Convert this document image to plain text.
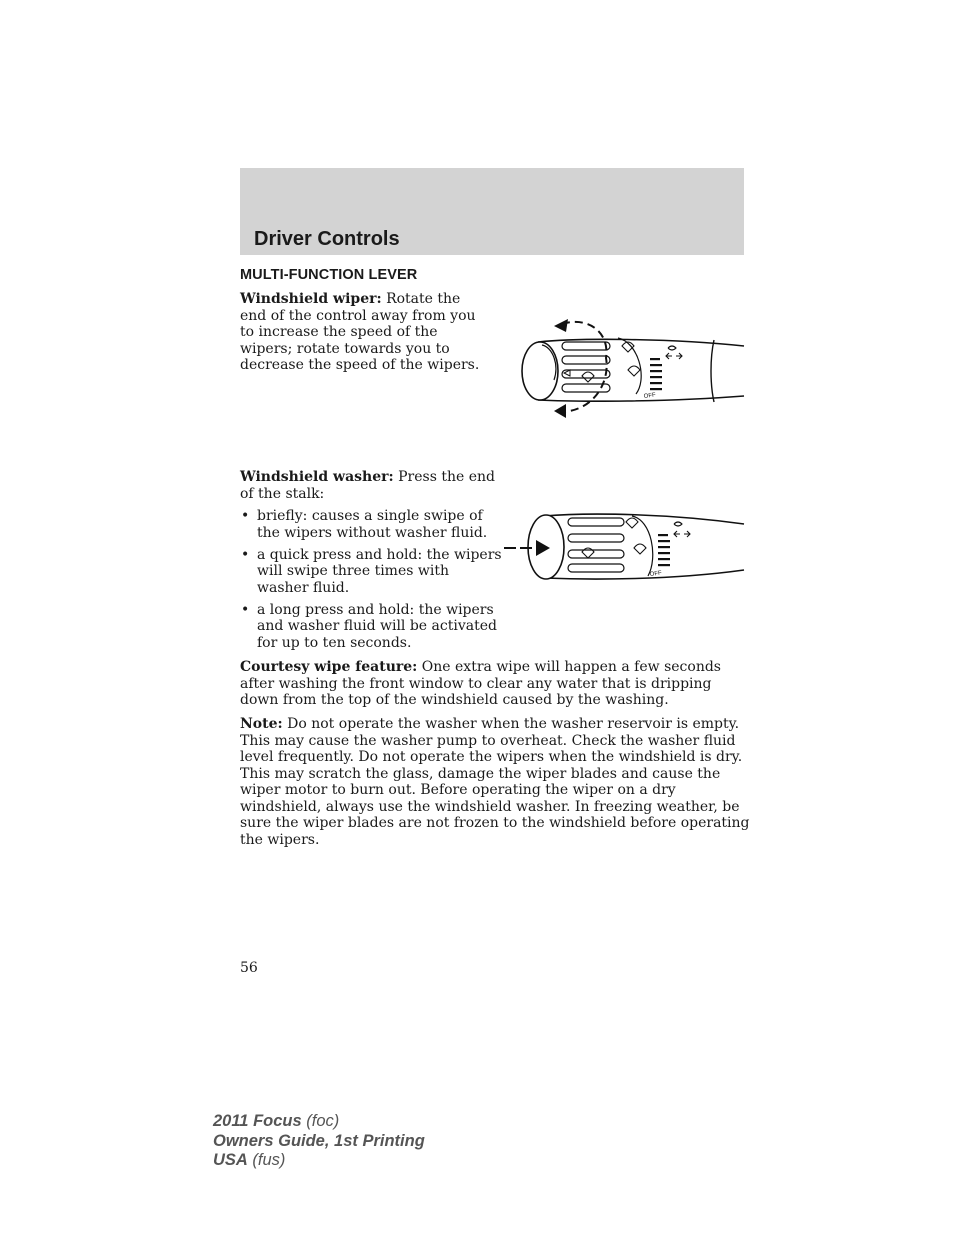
Driver Controls
MULTI-FUNCTION LEVER

Windshield wiper: Rotate the end of the control away from you to increase the speed of the wipers; rotate towards you to decrease the speed of the wipers.

OFF

Windshield washer: Press the end of the stalk:

• briefly: causes a single swipe of the wipers without washer fluid.
• a quick press and hold: the wipers will swipe three times with washer fluid.
• a long press and hold: the wipers and washer fluid will be activated for up to ten seconds.
OFF

Courtesy wipe feature: One extra wipe will happen a few seconds after washing the front window to clear any water that is dripping down from the top of the windshield caused by the washing.

Note: Do not operate the washer when the washer reservoir is empty. This may cause the washer pump to overheat. Check the washer fluid level frequently. Do not operate the wipers when the windshield is dry. This may scratch the glass, damage the wiper blades and cause the wiper motor to burn out. Before operating the wiper on a dry windshield, always use the windshield washer. In freezing weather, be sure the wiper blades are not frozen to the windshield before operating the wipers.

56

2011 Focus (foc)
Owners Guide, 1st Printing
USA (fus)
